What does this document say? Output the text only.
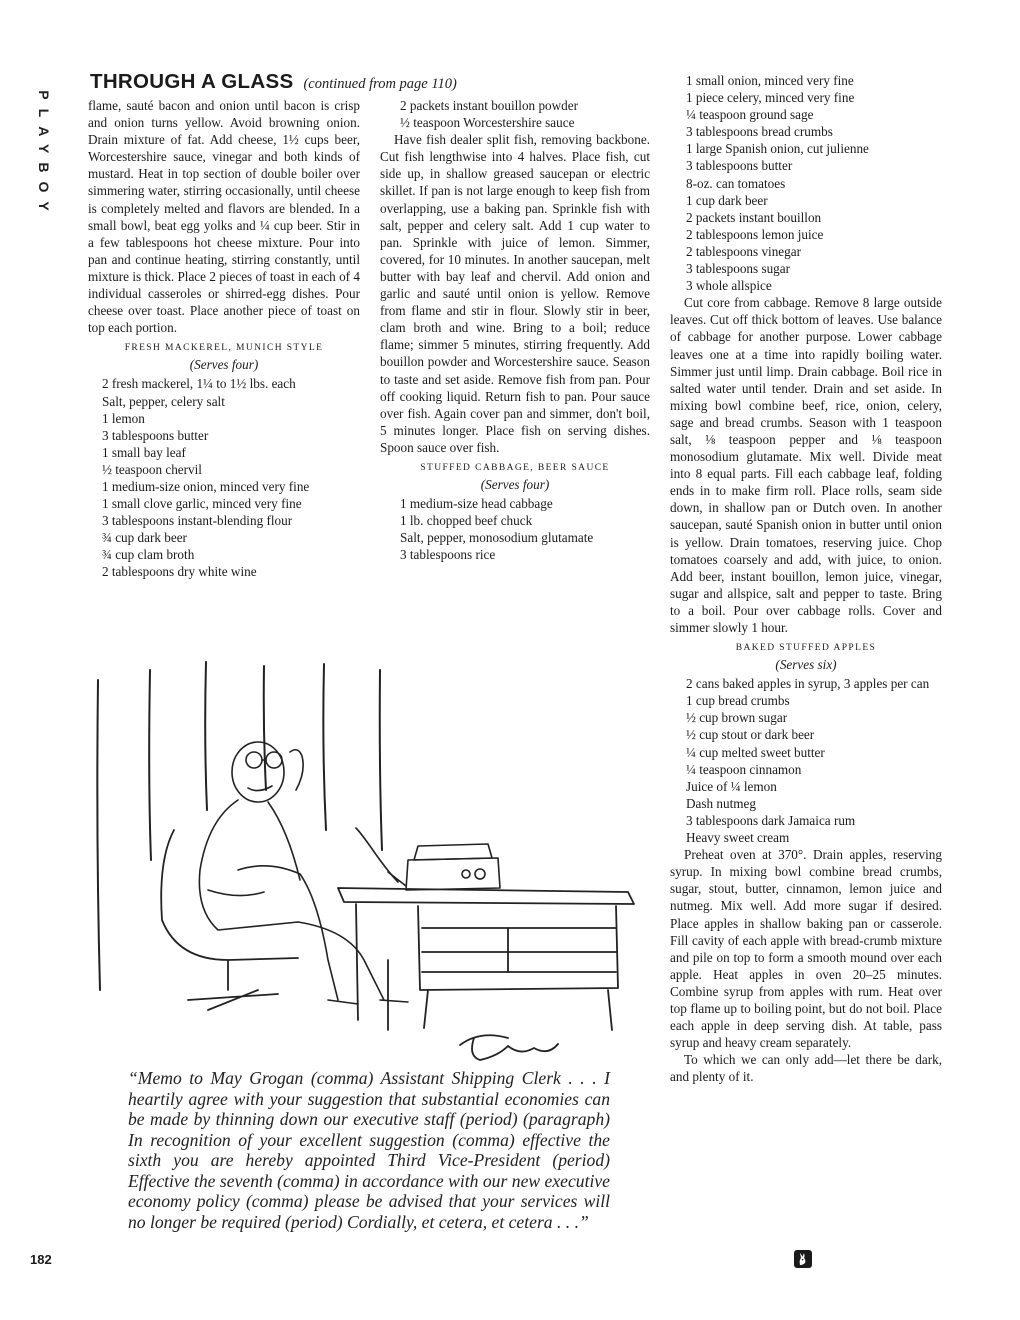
PLAYBOY
THROUGH A GLASS (continued from page 110)

flame, sauté bacon and onion until bacon is crisp and onion turns yellow. Avoid browning onion. Drain mixture of fat. Add cheese, 1½ cups beer, Worcestershire sauce, vinegar and both kinds of mustard. Heat in top section of double boiler over simmering water, stirring occasionally, until cheese is completely melted and flavors are blended. In a small bowl, beat egg yolks and ¼ cup beer. Stir in a few tablespoons hot cheese mixture. Pour into pan and continue heating, stirring constantly, until mixture is thick. Place 2 pieces of toast in each of 4 individual casseroles or shirred-egg dishes. Pour cheese over toast. Place another piece of toast on top each portion.

FRESH MACKEREL, MUNICH STYLE
(Serves four)
2 fresh mackerel, 1¼ to 1½ lbs. each
Salt, pepper, celery salt
1 lemon
3 tablespoons butter
1 small bay leaf
½ teaspoon chervil
1 medium-size onion, minced very fine
1 small clove garlic, minced very fine
3 tablespoons instant-blending flour
¾ cup dark beer
¾ cup clam broth
2 tablespoons dry white wine
2 packets instant bouillon powder
½ teaspoon Worcestershire sauce

Have fish dealer split fish, removing backbone. Cut fish lengthwise into 4 halves. Place fish, cut side up, in shallow greased saucepan or electric skillet. If pan is not large enough to keep fish from overlapping, use a baking pan. Sprinkle fish with salt, pepper and celery salt. Add 1 cup water to pan. Sprinkle with juice of lemon. Simmer, covered, for 10 minutes. In another saucepan, melt butter with bay leaf and chervil. Add onion and garlic and sauté until onion is yellow. Remove from flame and stir in flour. Slowly stir in beer, clam broth and wine. Bring to a boil; reduce flame; simmer 5 minutes, stirring frequently. Add bouillon powder and Worcestershire sauce. Season to taste and set aside. Remove fish from pan. Pour off cooking liquid. Return fish to pan. Pour sauce over fish. Again cover pan and simmer, don't boil, 5 minutes longer. Place fish on serving dishes. Spoon sauce over fish.

STUFFED CABBAGE, BEER SAUCE
(Serves four)
1 medium-size head cabbage
1 lb. chopped beef chuck
Salt, pepper, monosodium glutamate
3 tablespoons rice
1 small onion, minced very fine
1 piece celery, minced very fine
¼ teaspoon ground sage
3 tablespoons bread crumbs
1 large Spanish onion, cut julienne
3 tablespoons butter
8-oz. can tomatoes
1 cup dark beer
2 packets instant bouillon
2 tablespoons lemon juice
2 tablespoons vinegar
3 tablespoons sugar
3 whole allspice

Cut core from cabbage. Remove 8 large outside leaves. Cut off thick bottom of leaves. Use balance of cabbage for another purpose. Lower cabbage leaves one at a time into rapidly boiling water. Simmer just until limp. Drain cabbage. Boil rice in salted water until tender. Drain and set aside. In mixing bowl combine beef, rice, onion, celery, sage and bread crumbs. Season with 1 teaspoon salt, ⅛ teaspoon pepper and ⅛ teaspoon monosodium glutamate. Mix well. Divide meat into 8 equal parts. Fill each cabbage leaf, folding ends in to make firm roll. Place rolls, seam side down, in shallow pan or Dutch oven. In another saucepan, sauté Spanish onion in butter until onion is yellow. Drain tomatoes, reserving juice. Chop tomatoes coarsely and add, with juice, to onion. Add beer, instant bouillon, lemon juice, vinegar, sugar and allspice, salt and pepper to taste. Bring to a boil. Pour over cabbage rolls. Cover and simmer slowly 1 hour.

BAKED STUFFED APPLES
(Serves six)
2 cans baked apples in syrup, 3 apples per can
1 cup bread crumbs
½ cup brown sugar
½ cup stout or dark beer
¼ cup melted sweet butter
¼ teaspoon cinnamon
Juice of ¼ lemon
Dash nutmeg
3 tablespoons dark Jamaica rum
Heavy sweet cream

Preheat oven at 370°. Drain apples, reserving syrup. In mixing bowl combine bread crumbs, sugar, stout, butter, cinnamon, lemon juice and nutmeg. Mix well. Add more sugar if desired. Place apples in shallow baking pan or casserole. Fill cavity of each apple with bread-crumb mixture and pile on top to form a smooth mound over each apple. Heat apples in oven 20–25 minutes. Combine syrup from apples with rum. Heat over top flame up to boiling point, but do not boil. Place each apple in deep serving dish. At table, pass syrup and heavy cream separately.

To which we can only add—let there be dark, and plenty of it.

“Memo to May Grogan (comma) Assistant Shipping Clerk . . . I heartily agree with your suggestion that substantial economies can be made by thinning down our executive staff (period) (paragraph) In recognition of your excellent suggestion (comma) effective the sixth you are hereby appointed Third Vice-President (period) Effective the seventh (comma) in accordance with our new executive economy policy (comma) please be advised that your services will no longer be required (period) Cordially, et cetera, et cetera . . .”

182
